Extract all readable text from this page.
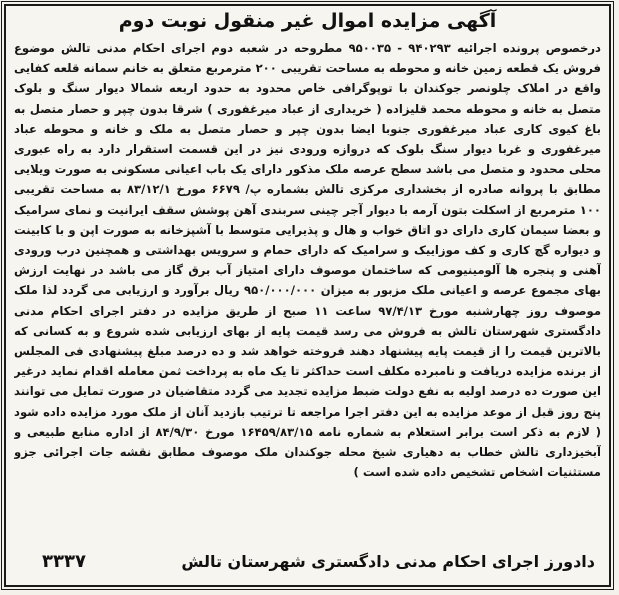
آگهی مزایده اموال غیر منقول نوبت دوم
درخصوص پرونده اجرائیه ۹۴۰۲۹۳ - ۹۵۰۰۳۵ مطروحه در شعبه دوم اجرای احکام مدنی تالش موضوع فروش یک قطعه زمین خانه و محوطه به مساحت تقریبی ۲۰۰ مترمربع متعلق به خانم سمانه قلعه کفایی واقع در املاک چلونصر جوکندان با توپوگرافی خاص محدود به حدود اربعه شمالا دیوار سنگ و بلوک متصل به خانه و محوطه محمد قلیزاده ( خریداری از عباد میرغفوری ) شرقا بدون چپر و حصار متصل به باغ کیوی کاری عباد میرغفوری جنوبا ایضا بدون چپر و حصار متصل به ملک و خانه و محوطه عباد میرغفوری و غربا دیوار سنگ بلوک که دروازه ورودی نیز در این قسمت استقرار دارد به راه عبوری محلی محدود و متصل می باشد سطح عرصه ملک مذکور دارای یک باب اعیانی مسکونی به صورت ویلایی مطابق با پروانه صادره از بخشداری مرکزی تالش بشماره پ/ ۶۶۷۹ مورخ ۸۳/۱۲/۱ به مساحت تقریبی ۱۰۰ مترمربع از اسکلت بتون آرمه با دیوار آجر چینی سربندی آهن پوشش سقف ایرانیت و نمای سرامیک و بعضا سیمان کاری دارای دو اتاق خواب و هال و پذیرایی متوسط با آشپزخانه به صورت اپن و با کابینت و دیواره گچ کاری و کف موزاییک و سرامیک که دارای حمام و سرویس بهداشتی و همچنین درب ورودی آهنی و پنجره ها آلومینیومی که ساختمان موصوف دارای امتیاز آب برق گاز می باشد در نهایت ارزش بهای مجموع عرصه و اعیانی ملک مزبور به میزان ۹۵۰/۰۰۰/۰۰۰ ریال برآورد و ارزیابی می گردد لذا ملک موصوف روز چهارشنبه مورخ ۹۷/۴/۱۳ ساعت ۱۱ صبح از طریق مزایده در دفتر اجرای احکام مدنی دادگستری شهرستان تالش به فروش می رسد قیمت پایه از بهای ارزیابی شده شروع و به کسانی که بالاترین قیمت را از قیمت پایه پیشنهاد دهند فروخته خواهد شد و ده درصد مبلغ پیشنهادی فی المجلس از برنده مزایده دریافت و نامبرده مکلف است حداکثر تا یک ماه به پرداخت ثمن معامله اقدام نماید درغیر این صورت ده درصد اولیه به نفع دولت ضبط مزایده تجدید می گردد متقاضیان در صورت تمایل می توانند پنج روز قبل از موعد مزایده به این دفتر اجرا مراجعه تا ترتیب بازدید آنان از ملک مورد مزایده داده شود ( لازم به ذکر است برابر استعلام به شماره نامه ۱۶۴۵۹/۸۳/۱۵ مورخ ۸۴/۹/۳۰ از اداره منابع طبیعی و آبخیزداری تالش خطاب به دهیاری شیخ محله جوکندان ملک موصوف مطابق نقشه جات اجرائی جزو مستثنیات اشخاص تشخیص داده شده است )
دادورز اجرای احکام مدنی دادگستری شهرستان تالش
۳۳۳۷
